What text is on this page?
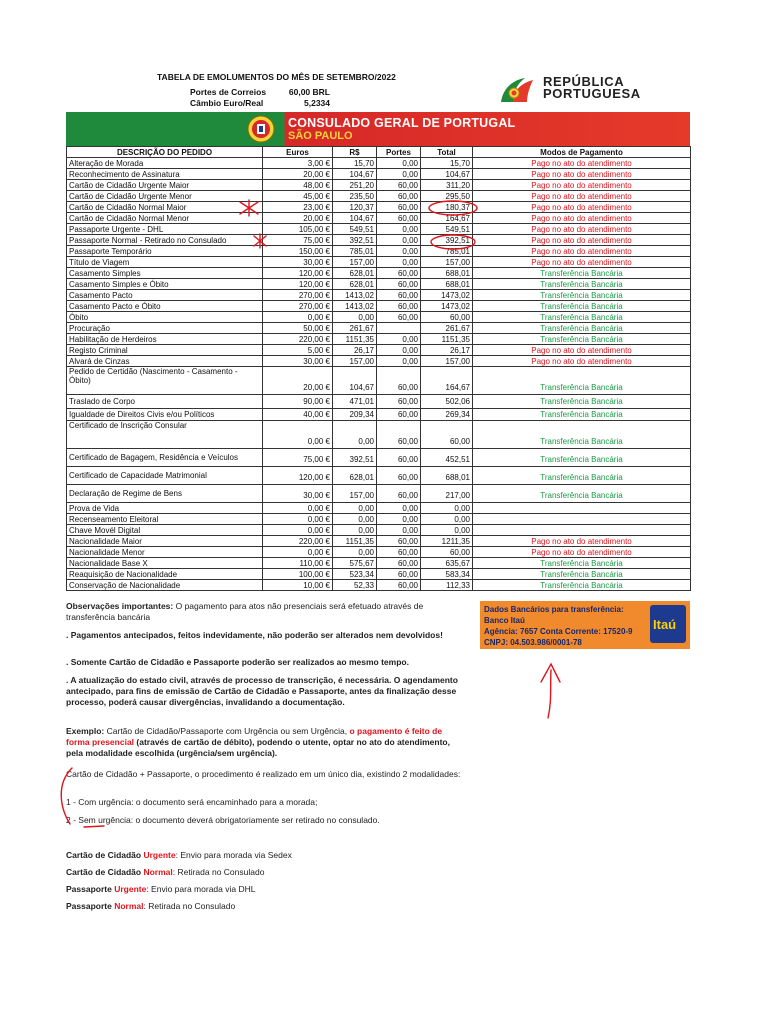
TABELA DE EMOLUMENTOS DO MÊS DE SETEMBRO/2022
Portes de Correios	60,00 BRL
Câmbio Euro/Real	5,2334
REPÚBLICA
PORTUGUESA
CONSULADO GERAL DE PORTUGAL
SÃO PAULO
DESCRIÇÃO DO PEDIDO	Euros	R$	Portes	Total	Modos de Pagamento
Alteração de Morada	3,00 €	15,70	0,00	15,70	Pago no ato do atendimento
Reconhecimento de Assinatura	20,00 €	104,67	0,00	104,67	Pago no ato do atendimento
Cartão de Cidadão Urgente Maior	48,00 €	251,20	60,00	311,20	Pago no ato do atendimento
Cartão de Cidadão Urgente Menor	45,00 €	235,50	60,00	295,50	Pago no ato do atendimento
Cartão de Cidadão Normal Maior	23,00 €	120,37	60,00	180,37	Pago no ato do atendimento
Cartão de Cidadão Normal Menor	20,00 €	104,67	60,00	164,67	Pago no ato do atendimento
Passaporte Urgente - DHL	105,00 €	549,51	0,00	549,51	Pago no ato do atendimento
Passaporte Normal - Retirado no Consulado	75,00 €	392,51	0,00	392,51	Pago no ato do atendimento
Passaporte Temporário	150,00 €	785,01	0,00	785,01	Pago no ato do atendimento
Título de Viagem	30,00 €	157,00	0,00	157,00	Pago no ato do atendimento
Casamento Simples	120,00 €	628,01	60,00	688,01	Transferência Bancária
Casamento Simples e Óbito	120,00 €	628,01	60,00	688,01	Transferência Bancária
Casamento Pacto	270,00 €	1413,02	60,00	1473,02	Transferência Bancária
Casamento Pacto e Óbito	270,00 €	1413,02	60,00	1473,02	Transferência Bancária
Óbito	0,00 €	0,00	60,00	60,00	Transferência Bancária
Procuração	50,00 €	261,67		261,67	Transferência Bancária
Habilitação de Herdeiros	220,00 €	1151,35	0,00	1151,35	Transferência Bancária
Registo Criminal	5,00 €	26,17	0,00	26,17	Pago no ato do atendimento
Alvará de Cinzas	30,00 €	157,00	0,00	157,00	Pago no ato do atendimento
Pedido de Certidão (Nascimento - Casamento - Óbito)	20,00 €	104,67	60,00	164,67	Transferência Bancária
Traslado de Corpo	90,00 €	471,01	60,00	502,06	Transferência Bancária
Igualdade de Direitos Civis e/ou Políticos	40,00 €	209,34	60,00	269,34	Transferência Bancária
Certificado de Inscrição Consular	0,00 €	0,00	60,00	60,00	Transferência Bancária
Certificado de Bagagem, Residência e Veículos	75,00 €	392,51	60,00	452,51	Transferência Bancária
Certificado de Capacidade Matrimonial	120,00 €	628,01	60,00	688,01	Transferência Bancária
Declaração de Regime de Bens	30,00 €	157,00	60,00	217,00	Transferência Bancária
Prova de Vida	0,00 €	0,00	0,00	0,00	
Recenseamento Eleitoral	0,00 €	0,00	0,00	0,00	
Chave Movél Digital	0,00 €	0,00	0,00	0,00	
Nacionalidade Maior	220,00 €	1151,35	60,00	1211,35	Pago no ato do atendimento
Nacionalidade Menor	0,00 €	0,00	60,00	60,00	Pago no ato do atendimento
Nacionalidade Base X	110,00 €	575,67	60,00	635,67	Transferência Bancária
Reaquisição de Nacionalidade	100,00 €	523,34	60,00	583,34	Transferência Bancária
Conservação de Nacionalidade	10,00 €	52,33	60,00	112,33	Transferência Bancária
Dados Bancários para transferência:
Banco Itaú
Agência: 7657 Conta Corrente: 17520-9
CNPJ: 04.503.986/0001-78
Itaú
Observações importantes: O pagamento para atos não presenciais será efetuado através de transferência bancária
. Pagamentos antecipados, feitos indevidamente, não poderão ser alterados nem devolvidos!
. Somente Cartão de Cidadão e Passaporte poderão ser realizados ao mesmo tempo.
. A atualização do estado civil, através de processo de transcrição, é necessária. O agendamento antecipado, para fins de emissão de Cartão de Cidadão e Passaporte, antes da finalização desse processo, poderá causar divergências, invalidando a documentação.
Exemplo: Cartão de Cidadão/Passaporte com Urgência ou sem Urgência, o pagamento é feito de forma presencial (através de cartão de débito), podendo o utente, optar no ato do atendimento, pela modalidade escolhida (urgência/sem urgência).
Cartão de Cidadão + Passaporte, o procedimento é realizado em um único dia, existindo 2 modalidades:
1 - Com urgência: o documento será encaminhado para a morada;
2 - Sem urgência: o documento deverá obrigatoriamente ser retirado no consulado.
Cartão de Cidadão Urgente: Envio para morada via Sedex
Cartão de Cidadão Normal: Retirada no Consulado
Passaporte Urgente: Envio para morada via DHL
Passaporte Normal: Retirada no Consulado
